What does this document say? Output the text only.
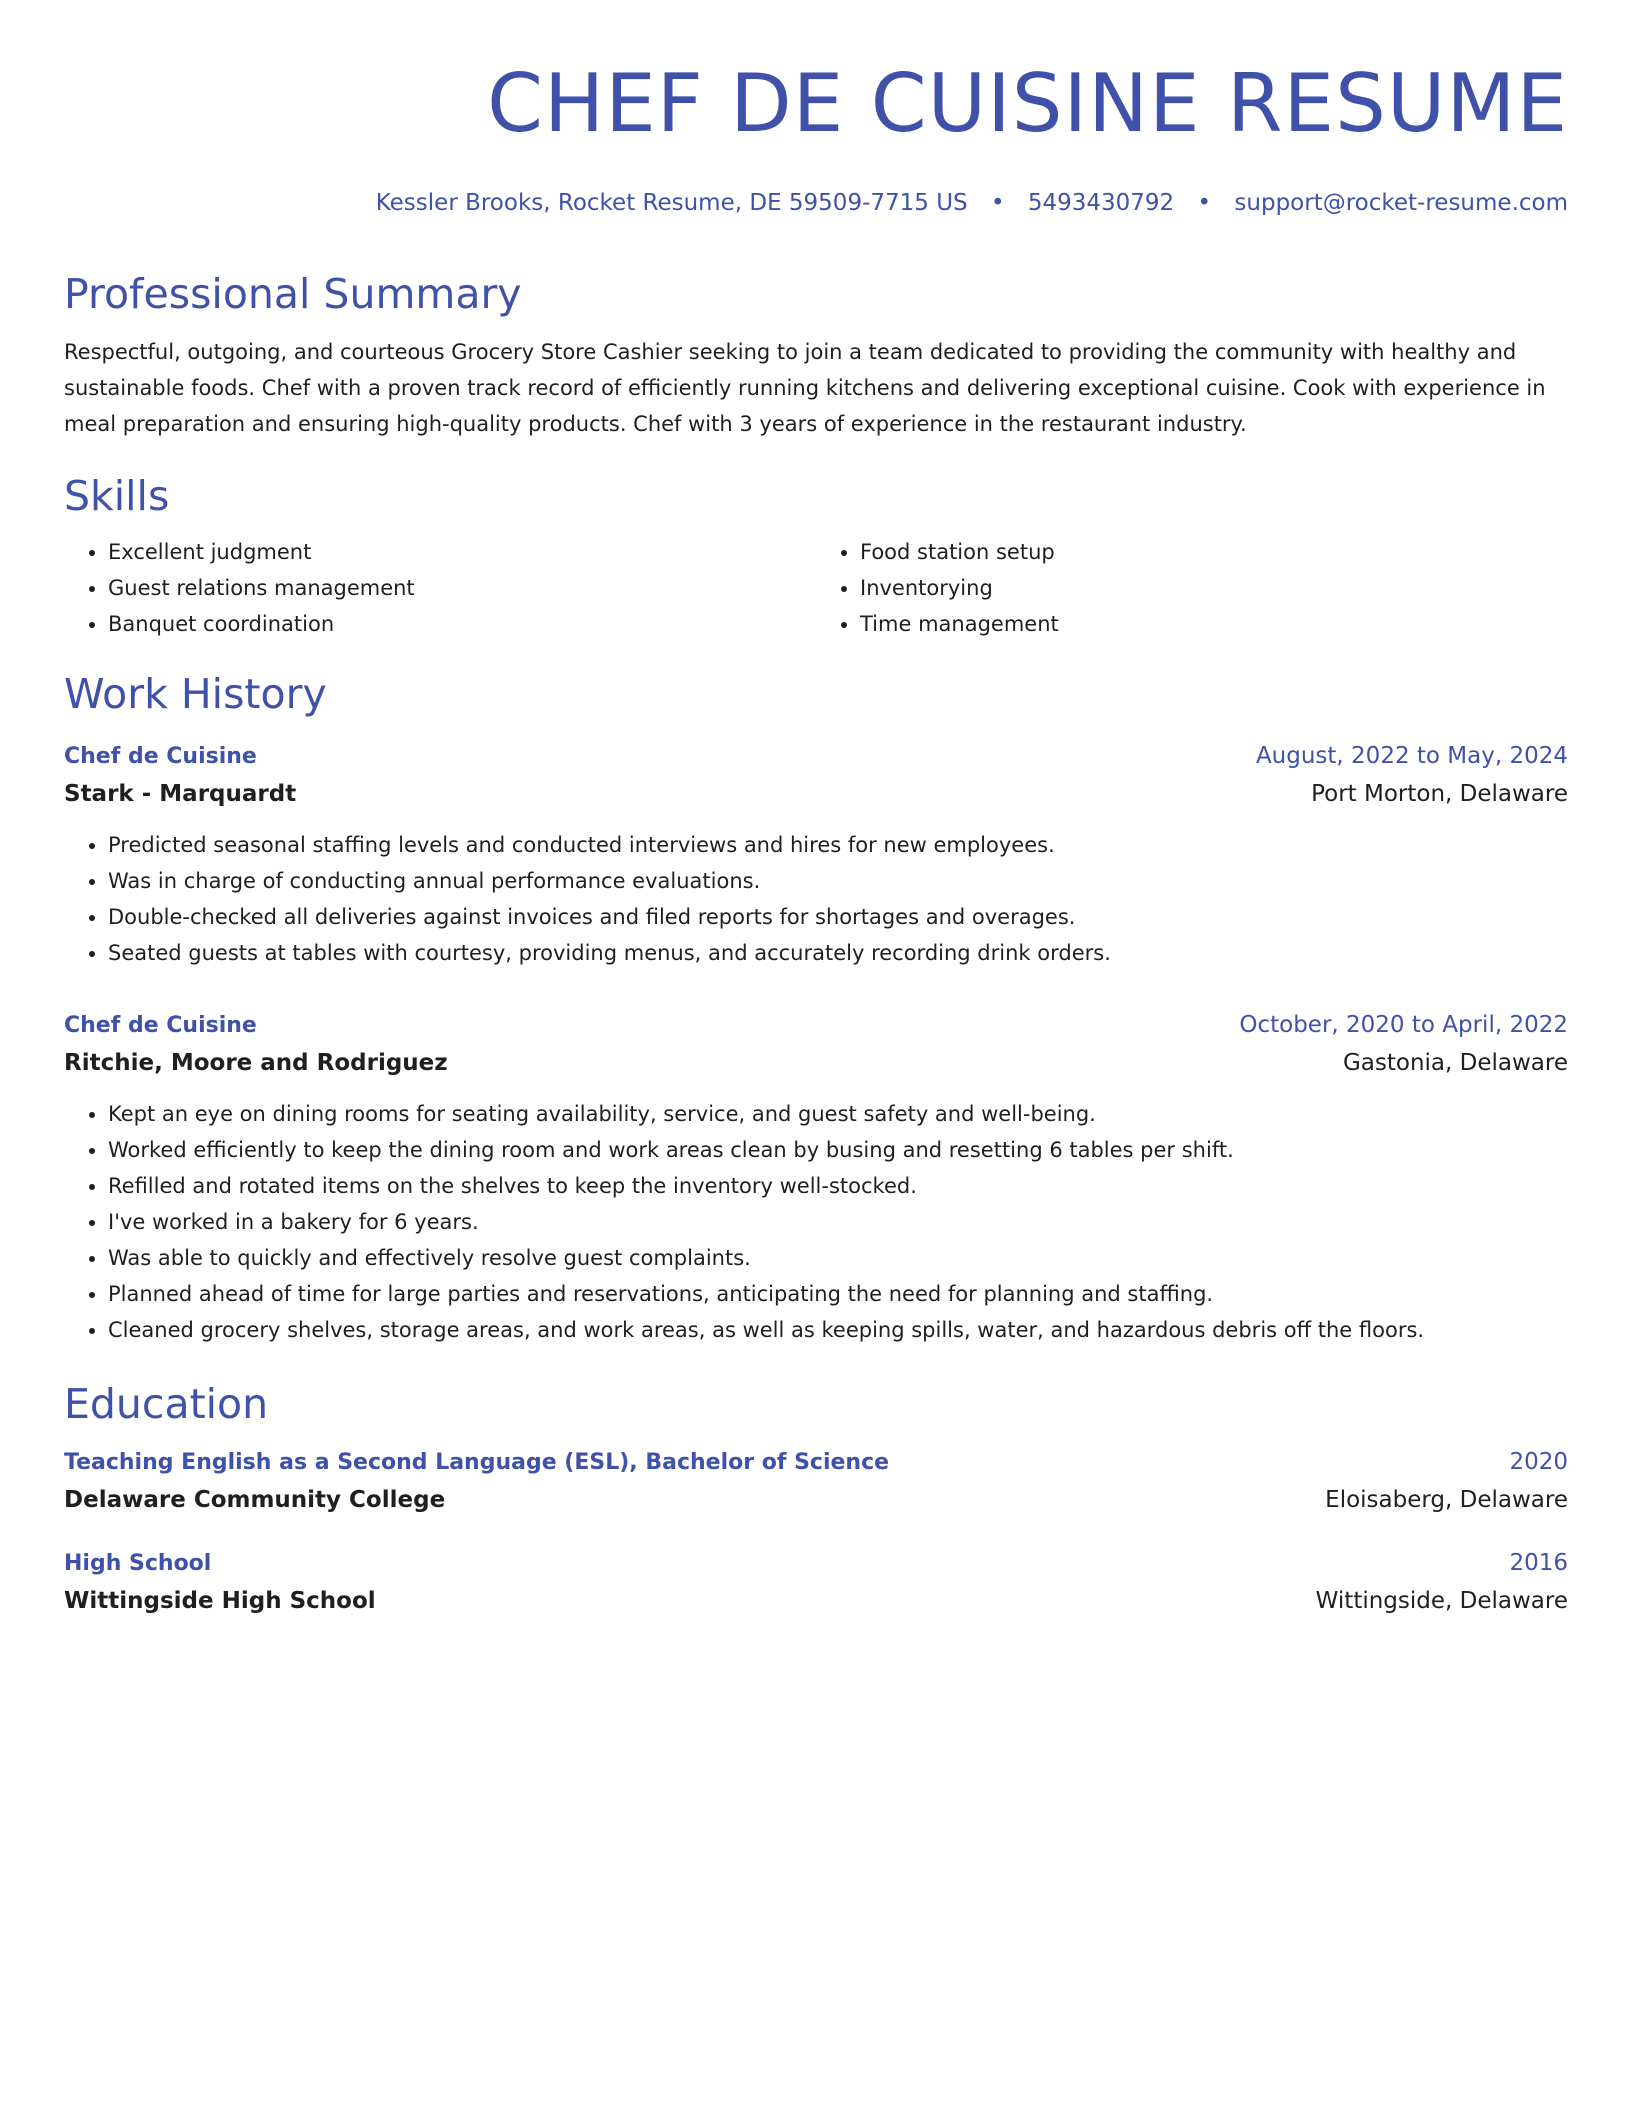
CHEF DE CUISINE RESUME
Kessler Brooks, Rocket Resume, DE 59509-7715 US • 5493430792 • support@rocket-resume.com
Professional Summary

Respectful, outgoing, and courteous Grocery Store Cashier seeking to join a team dedicated to providing the community with healthy and sustainable foods. Chef with a proven track record of efficiently running kitchens and delivering exceptional cuisine. Cook with experience in meal preparation and ensuring high-quality products. Chef with 3 years of experience in the restaurant industry.

Skills
• Excellent judgment
• Guest relations management
• Banquet coordination
• Food station setup
• Inventorying
• Time management
Work History
Chef de Cuisine	August, 2022 to May, 2024
Stark - Marquardt	Port Morton, Delaware
• Predicted seasonal staffing levels and conducted interviews and hires for new employees.
• Was in charge of conducting annual performance evaluations.
• Double-checked all deliveries against invoices and filed reports for shortages and overages.
• Seated guests at tables with courtesy, providing menus, and accurately recording drink orders.
Chef de Cuisine	October, 2020 to April, 2022
Ritchie, Moore and Rodriguez	Gastonia, Delaware
• Kept an eye on dining rooms for seating availability, service, and guest safety and well-being.
• Worked efficiently to keep the dining room and work areas clean by busing and resetting 6 tables per shift.
• Refilled and rotated items on the shelves to keep the inventory well-stocked.
• I've worked in a bakery for 6 years.
• Was able to quickly and effectively resolve guest complaints.
• Planned ahead of time for large parties and reservations, anticipating the need for planning and staffing.
• Cleaned grocery shelves, storage areas, and work areas, as well as keeping spills, water, and hazardous debris off the floors.
Education
Teaching English as a Second Language (ESL), Bachelor of Science	2020
Delaware Community College	Eloisaberg, Delaware
High School	2016
Wittingside High School	Wittingside, Delaware
